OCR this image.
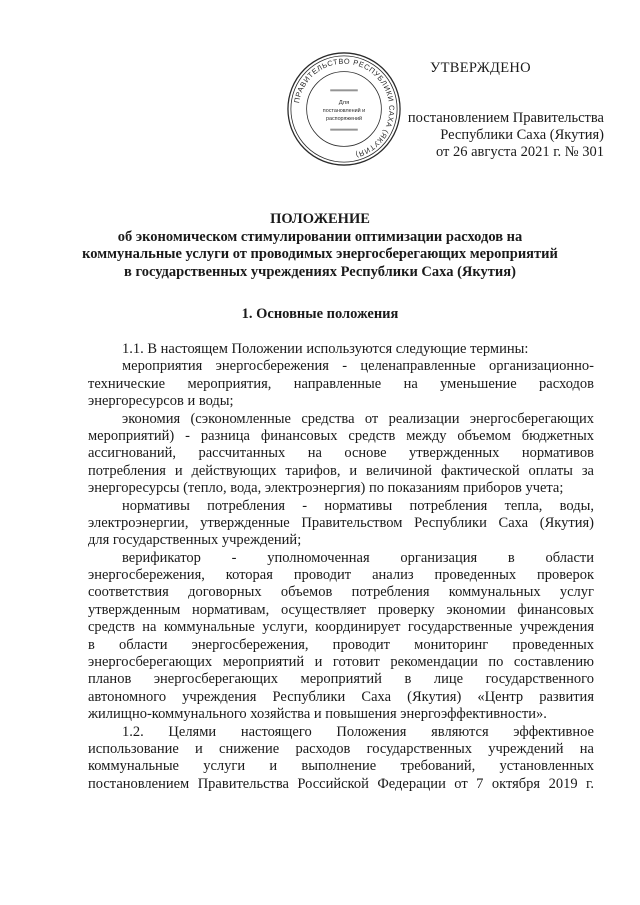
ПРАВИТЕЛЬСТВО РЕСПУБЛИКИ САХА (ЯКУТИЯ)
Для
постановлений и
распоряжений
УТВЕРЖДЕНО
постановлением Правительства
Республики Саха (Якутия)
от 26 августа 2021 г. № 301
ПОЛОЖЕНИЕ
об экономическом стимулировании оптимизации расходов на
коммунальные услуги от проводимых энергосберегающих мероприятий
в государственных учреждениях Республики Саха (Якутия)
1. Основные положения
1.1. В настоящем Положении используются следующие термины:
мероприятия энергосбережения - целенаправленные организационно-
технические мероприятия, направленные на уменьшение расходов
энергоресурсов и воды;
экономия (сэкономленные средства от реализации энергосберегающих
мероприятий) - разница финансовых средств между объемом бюджетных
ассигнований, рассчитанных на основе утвержденных нормативов
потребления и действующих тарифов, и величиной фактической оплаты за
энергоресурсы (тепло, вода, электроэнергия) по показаниям приборов учета;
нормативы потребления - нормативы потребления тепла, воды,
электроэнергии, утвержденные Правительством Республики Саха (Якутия)
для государственных учреждений;
верификатор - уполномоченная организация в области
энергосбережения, которая проводит анализ проведенных проверок
соответствия договорных объемов потребления коммунальных услуг
утвержденным нормативам, осуществляет проверку экономии финансовых
средств на коммунальные услуги, координирует государственные учреждения
в области энергосбережения, проводит мониторинг проведенных
энергосберегающих мероприятий и готовит рекомендации по составлению
планов энергосберегающих мероприятий в лице государственного
автономного учреждения Республики Саха (Якутия) «Центр развития
жилищно-коммунального хозяйства и повышения энергоэффективности».
1.2. Целями настоящего Положения являются эффективное
использование и снижение расходов государственных учреждений на
коммунальные услуги и выполнение требований, установленных
постановлением Правительства Российской Федерации от 7 октября 2019 г.
